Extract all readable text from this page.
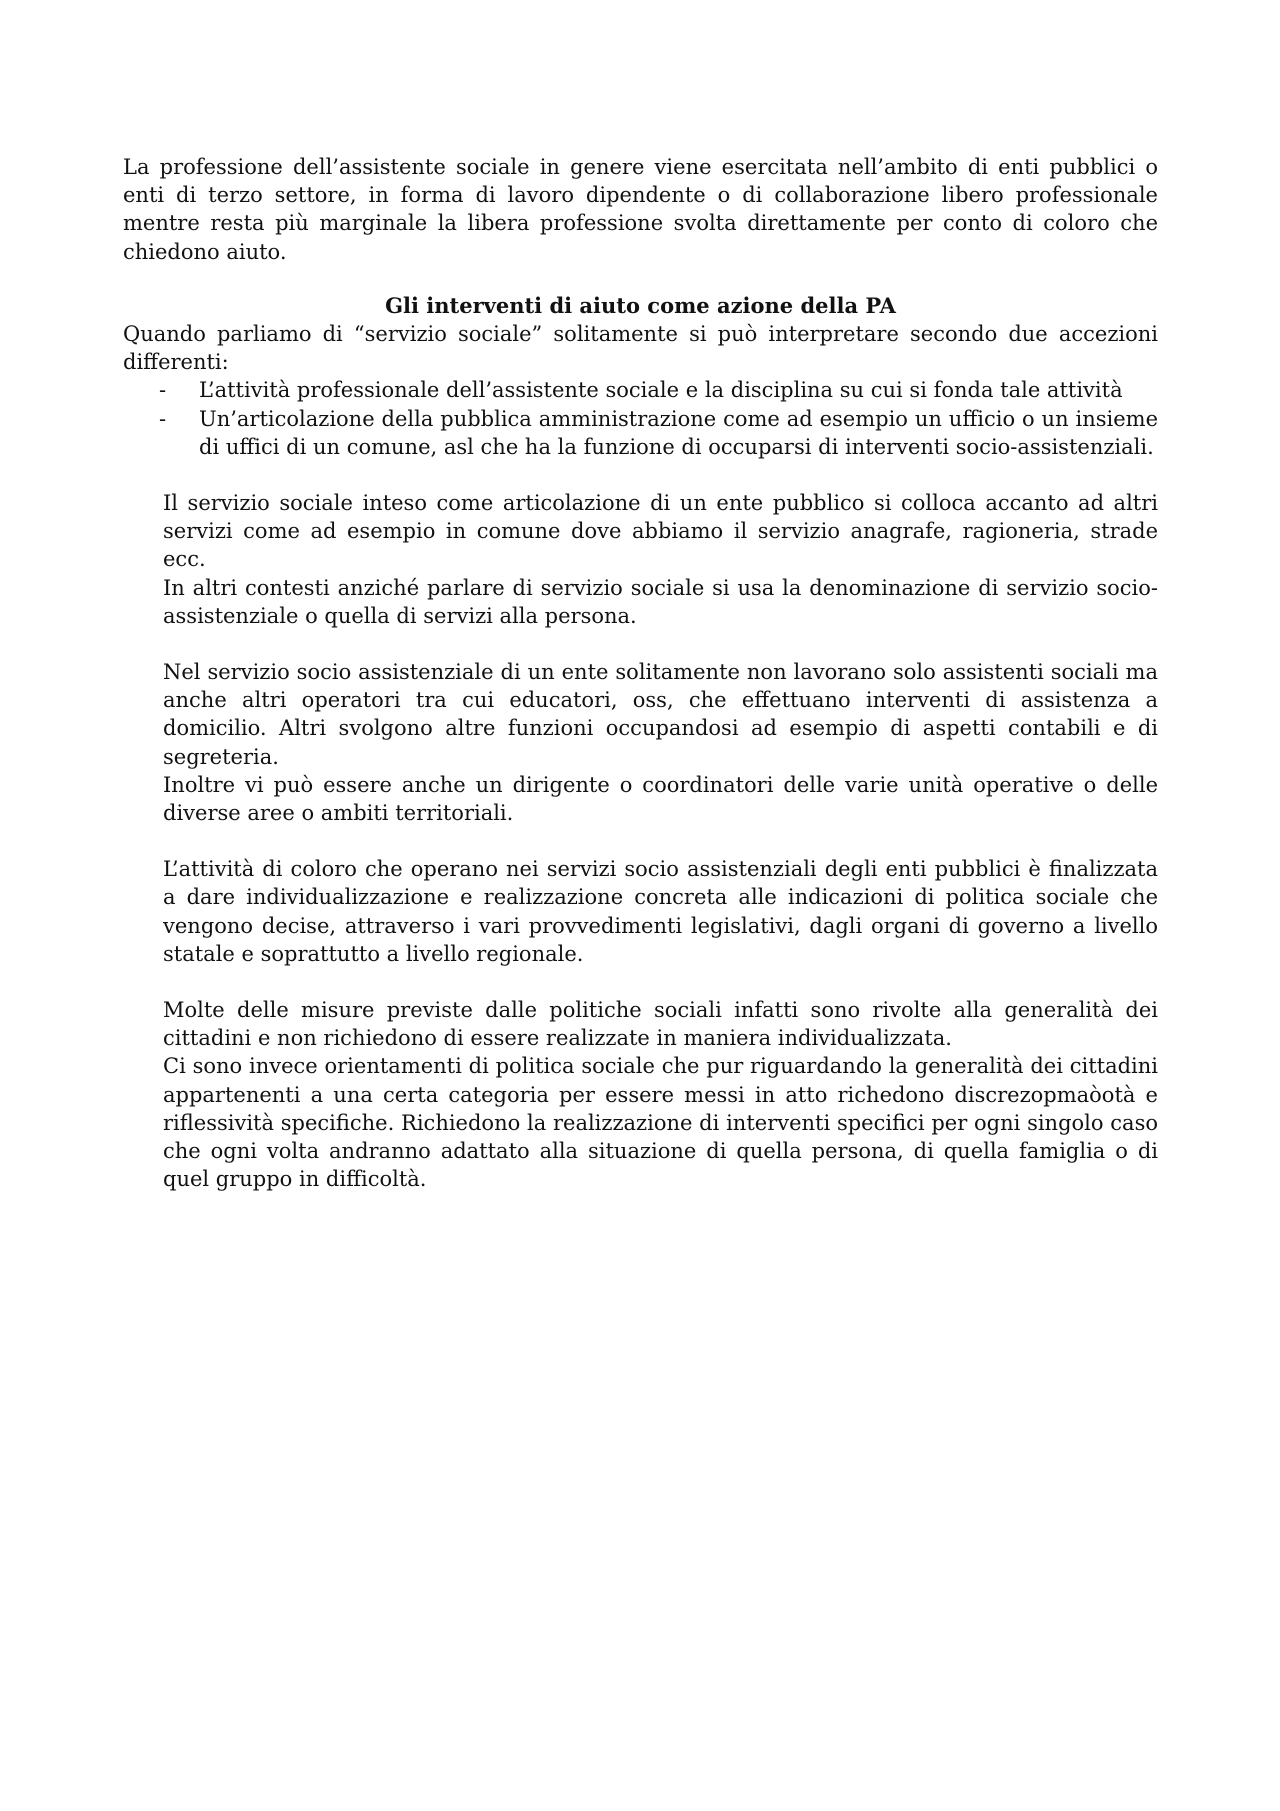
La professione dell’assistente sociale in genere viene esercitata nell’ambito di enti pubblici o enti di terzo settore, in forma di lavoro dipendente o di collaborazione libero professionale mentre resta più marginale la libera professione svolta direttamente per conto di coloro che chiedono aiuto.

Gli interventi di aiuto come azione della PA

Quando parliamo di “servizio sociale” solitamente si può interpretare secondo due accezioni differenti:

- L’attività professionale dell’assistente sociale e la disciplina su cui si fonda tale attività
- Un’articolazione della pubblica amministrazione come ad esempio un ufficio o un insieme di uffici di un comune, asl che ha la funzione di occuparsi di interventi socio-assistenziali.

Il servizio sociale inteso come articolazione di un ente pubblico si colloca accanto ad altri servizi come ad esempio in comune dove abbiamo il servizio anagrafe, ragioneria, strade ecc.

In altri contesti anziché parlare di servizio sociale si usa la denominazione di servizio socio-assistenziale o quella di servizi alla persona.

Nel servizio socio assistenziale di un ente solitamente non lavorano solo assistenti sociali ma anche altri operatori tra cui educatori, oss, che effettuano interventi di assistenza a domicilio. Altri svolgono altre funzioni occupandosi ad esempio di aspetti contabili e di segreteria.

Inoltre vi può essere anche un dirigente o coordinatori delle varie unità operative o delle diverse aree o ambiti territoriali.

L’attività di coloro che operano nei servizi socio assistenziali degli enti pubblici è finalizzata a dare individualizzazione e realizzazione concreta alle indicazioni di politica sociale che vengono decise, attraverso i vari provvedimenti legislativi, dagli organi di governo a livello statale e soprattutto a livello regionale.

Molte delle misure previste dalle politiche sociali infatti sono rivolte alla generalità dei cittadini e non richiedono di essere realizzate in maniera individualizzata.

Ci sono invece orientamenti di politica sociale che pur riguardando la generalità dei cittadini appartenenti a una certa categoria per essere messi in atto richedono discrezopmaòotà e riflessività specifiche. Richiedono la realizzazione di interventi specifici per ogni singolo caso che ogni volta andranno adattato alla situazione di quella persona, di quella famiglia o di quel gruppo in difficoltà.
